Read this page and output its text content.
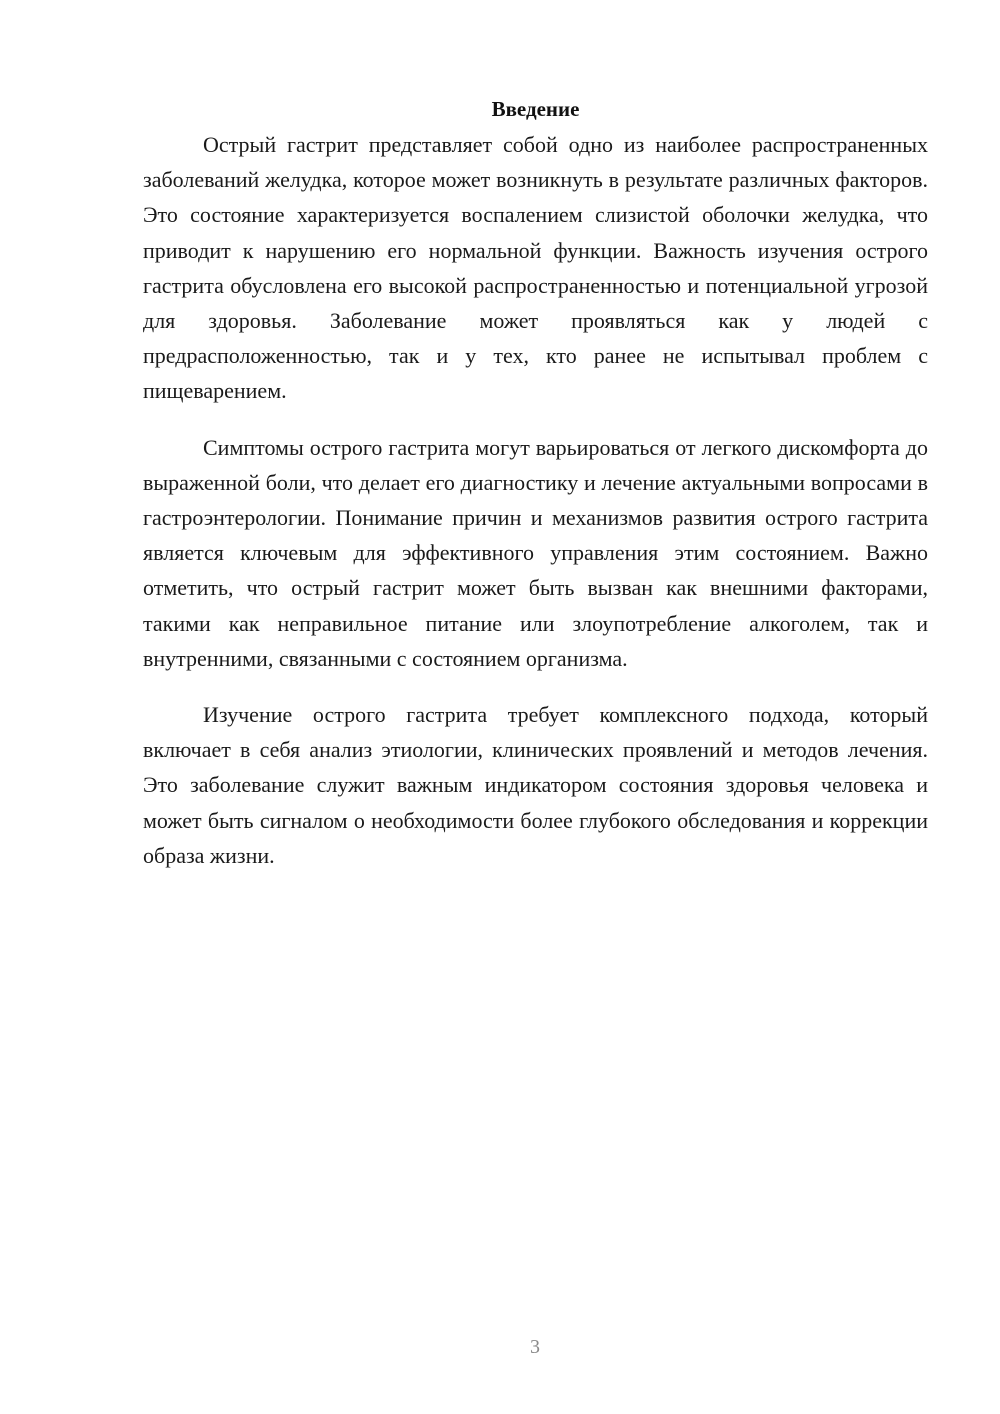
Введение

Острый гастрит представляет собой одно из наиболее распространенных заболеваний желудка, которое может возникнуть в результате различных факторов. Это состояние характеризуется воспалением слизистой оболочки желудка, что приводит к нарушению его нормальной функции. Важность изучения острого гастрита обусловлена его высокой распространенностью и потенциальной угрозой для здоровья. Заболевание может проявляться как у людей с предрасположенностью, так и у тех, кто ранее не испытывал проблем с пищеварением.

Симптомы острого гастрита могут варьироваться от легкого дискомфорта до выраженной боли, что делает его диагностику и лечение актуальными вопросами в гастроэнтерологии. Понимание причин и механизмов развития острого гастрита является ключевым для эффективного управления этим состоянием. Важно отметить, что острый гастрит может быть вызван как внешними факторами, такими как неправильное питание или злоупотребление алкоголем, так и внутренними, связанными с состоянием организма.

Изучение острого гастрита требует комплексного подхода, который включает в себя анализ этиологии, клинических проявлений и методов лечения. Это заболевание служит важным индикатором состояния здоровья человека и может быть сигналом о необходимости более глубокого обследования и коррекции образа жизни.

3
